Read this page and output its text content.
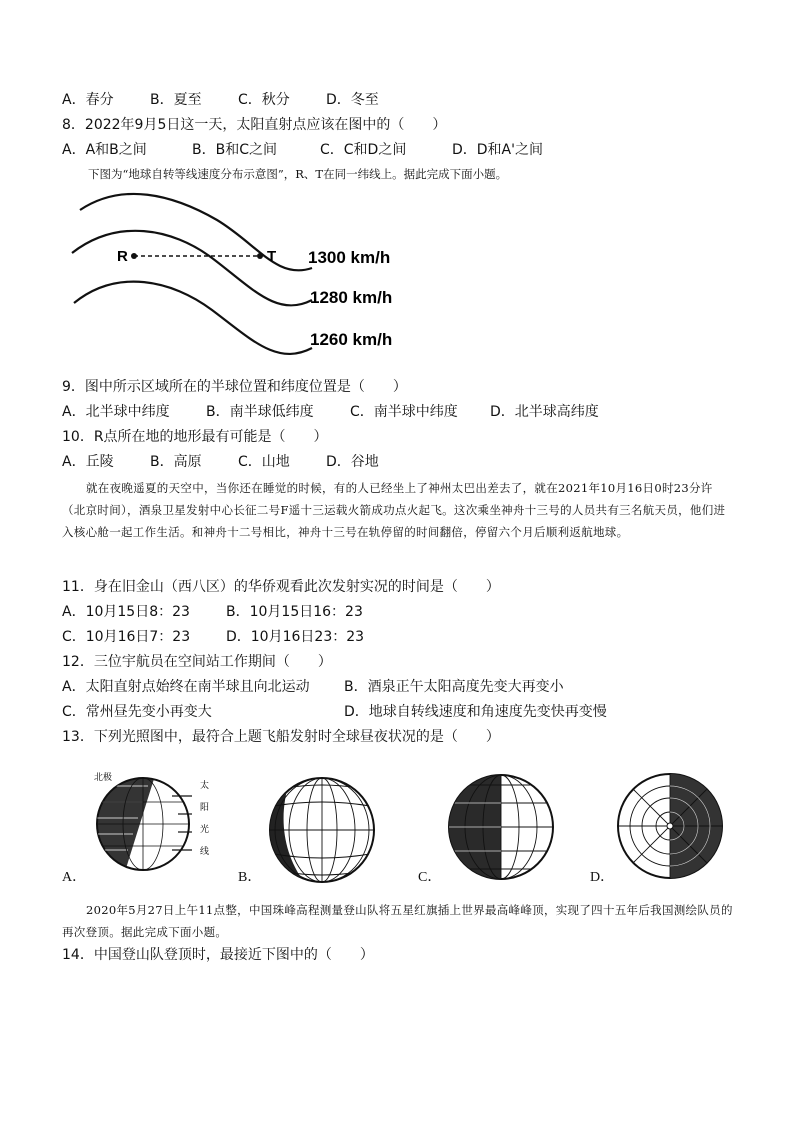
A．春分	B．夏至	C．秋分	D．冬至
8．2022年9月5日这一天，太阳直射点应该在图中的（　　）
A．A和B之间	B．B和C之间	C．C和D之间	D．D和A'之间
下图为“地球自转等线速度分布示意图”，R、T在同一纬线上。据此完成下面小题。
R	T 1300 km/h
1280 km/h
1260 km/h
9．图中所示区域所在的半球位置和纬度位置是（　　）
A．北半球中纬度	B．南半球低纬度	C．南半球中纬度 D．北半球高纬度
10．R点所在地的地形最有可能是（　　）
A．丘陵	B．高原	C．山地	D．谷地
就在夜晚遥夏的天空中，当你还在睡觉的时候，有的人已经坐上了神州太巴出差去了，就在2021年10月16日0时23分许（北京时间），酒泉卫星发射中心长征二号F遥十三运载火箭成功点火起飞。这次乘坐神舟十三号的人员共有三名航天员，他们进入核心舱一起工作生活。和神舟十二号相比，神舟十三号在轨停留的时间翻倍，停留六个月后顺利返航地球。
11．身在旧金山（西八区）的华侨观看此次发射实况的时间是（　　）
A．10月15日8：23	B．10月15日16：23
C．10月16日7：23	D．10月16日23：23
12．三位宇航员在空间站工作期间（　　）
A．太阳直射点始终在南半球且向北运动 B．酒泉正午太阳高度先变大再变小
C．常州昼先变小再变大	D．地球自转线速度和角速度先变快再变慢
13．下列光照图中，最符合上题飞船发射时全球昼夜状况的是（　　）
北极
太
阳
光
线
A．	B．	C．	D．
2020年5月27日上午11点整，中国珠峰高程测量登山队将五星红旗插上世界最高峰峰顶，实现了四十五年后我国测绘队员的再次登顶。据此完成下面小题。
14．中国登山队登顶时，最接近下图中的（　　）
